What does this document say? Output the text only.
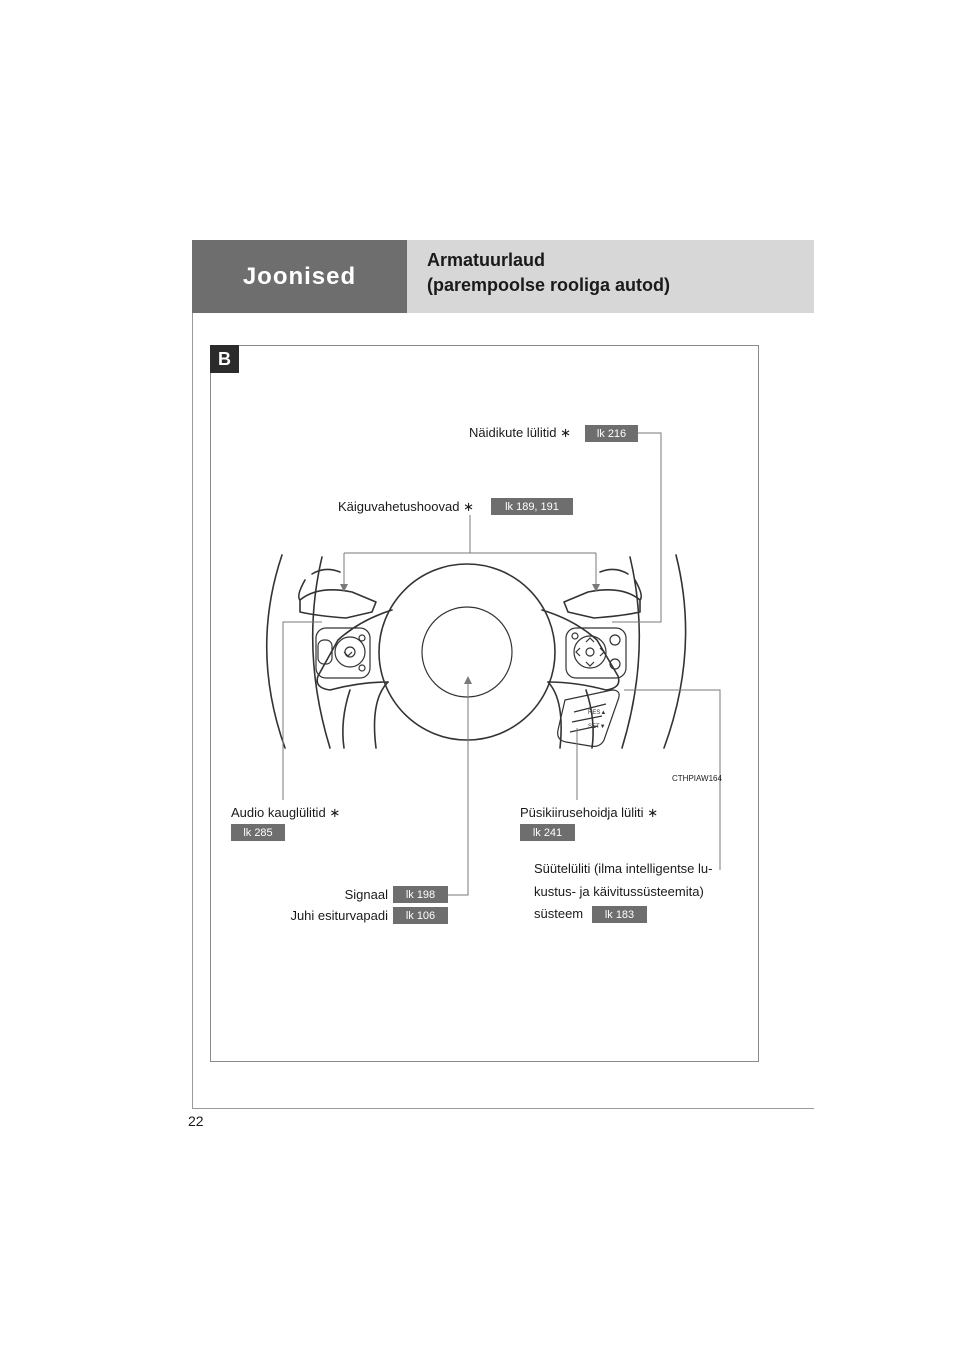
Joonised
Armatuurlaud
(parempoolse rooliga autod)
22
B
RES▲
SET▼
Näidikute lülitid ∗	lk 216
Käiguvahetushoovad ∗	lk 189, 191
CTHPIAW164
Audio kauglülitid ∗
lk 285
Püsikiirusehoidja lüliti ∗
lk 241
Süütelüliti (ilma intelligentse lu-
kustus- ja käivitussüsteemita)
süsteem	lk 183
Signaal	lk 198
Juhi esiturvapadi	lk 106
